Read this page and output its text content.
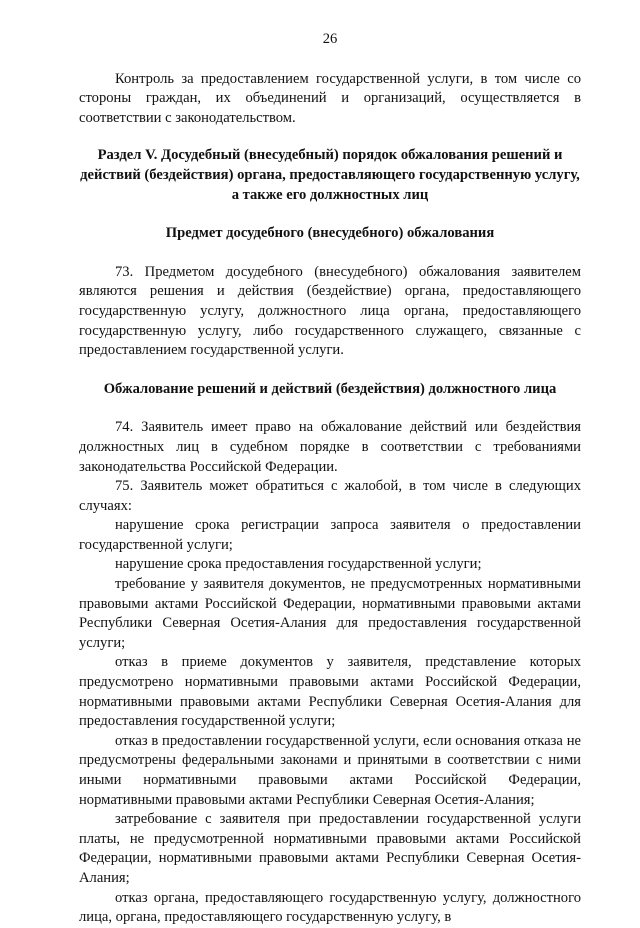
26

Контроль за предоставлением государственной услуги, в том числе со стороны граждан, их объединений и организаций, осуществляется в соответствии с законодательством.

Раздел V. Досудебный (внесудебный) порядок обжалования решений и действий (бездействия) органа, предоставляющего государственную услугу, а также его должностных лиц
Предмет досудебного (внесудебного) обжалования

73. Предметом досудебного (внесудебного) обжалования заявителем являются решения и действия (бездействие) органа, предоставляющего государственную услугу, должностного лица органа, предоставляющего государственную услугу, либо государственного служащего, связанные с предоставлением государственной услуги.

Обжалование решений и действий (бездействия) должностного лица

74. Заявитель имеет право на обжалование действий или бездействия должностных лиц в судебном порядке в соответствии с требованиями законодательства Российской Федерации.

75. Заявитель может обратиться с жалобой, в том числе в следующих случаях:

нарушение срока регистрации запроса заявителя о предоставлении государственной услуги;

нарушение срока предоставления государственной услуги;

требование у заявителя документов, не предусмотренных нормативными правовыми актами Российской Федерации, нормативными правовыми актами Республики Северная Осетия-Алания для предоставления государственной услуги;

отказ в приеме документов у заявителя, представление которых предусмотрено нормативными правовыми актами Российской Федерации, нормативными правовыми актами Республики Северная Осетия-Алания для предоставления государственной услуги;

отказ в предоставлении государственной услуги, если основания отказа не предусмотрены федеральными законами и принятыми в соответствии с ними иными нормативными правовыми актами Российской Федерации, нормативными правовыми актами Республики Северная Осетия-Алания;

затребование с заявителя при предоставлении государственной услуги платы, не предусмотренной нормативными правовыми актами Российской Федерации, нормативными правовыми актами Республики Северная Осетия-Алания;

отказ органа, предоставляющего государственную услугу, должностного лица, органа, предоставляющего государственную услугу, в
